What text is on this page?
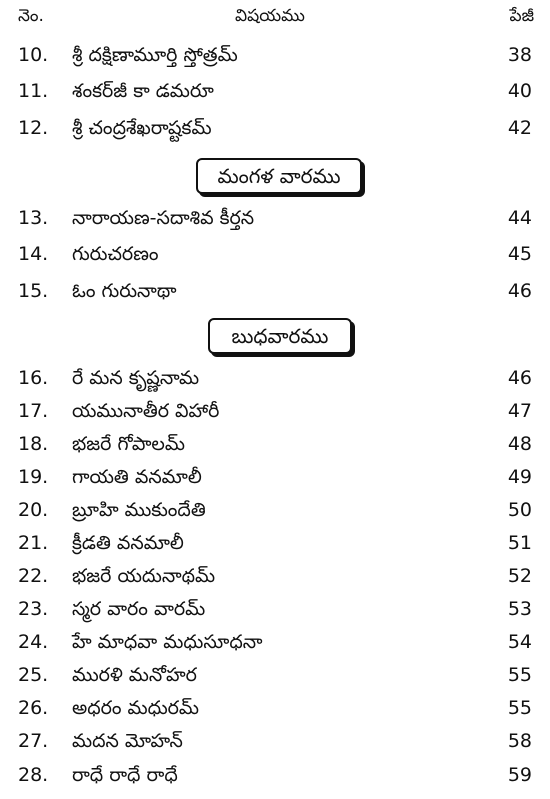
నెం.	విషయము	పేజీ
10.	శ్రీ దక్షిణామూర్తి స్తోత్రమ్	38
11.	శంకర్‌జీ కా డమరూ	40
12.	శ్రీ చంద్రశేఖరాష్టకమ్	42
మంగళ వారము
13.	నారాయణ-సదాశివ కీర్తన	44
14.	గురుచరణం	45
15.	ఓం గురునాథా	46
బుధవారము
16.	రే మన కృష్ణనామ	46
17.	యమునాతీర విహారీ	47
18.	భజరే గోపాలమ్	48
19.	గాయతి వనమాలీ	49
20.	బ్రూహి ముకుందేతి	50
21.	క్రీడతి వనమాలీ	51
22.	భజరే యదునాథమ్	52
23.	స్మర వారం వారమ్	53
24.	హే మాధవా మధుసూధనా	54
25.	మురళి మనోహర	55
26.	అధరం మధురమ్	55
27.	మదన మోహన్	58
28.	రాధే రాధే రాధే	59
